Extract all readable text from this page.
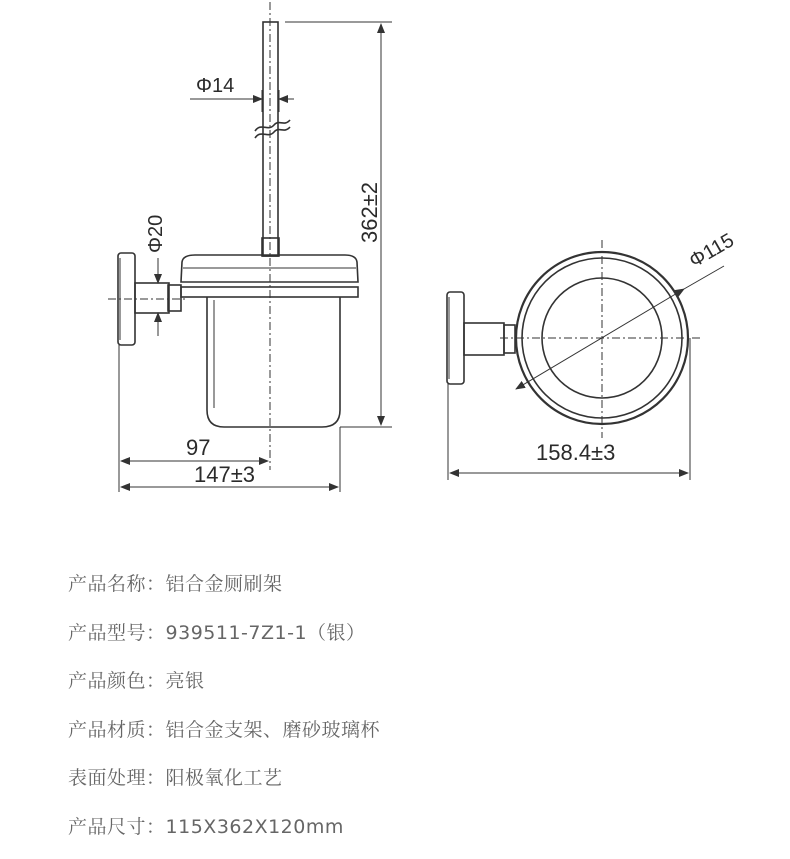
Φ14
Φ20	362±2
97
147±3
Φ115
158.4±3
产品名称：铝合金厕刷架
产品型号：939511-7Z1-1（银）
产品颜色：亮银
产品材质：铝合金支架、磨砂玻璃杯
表面处理：阳极氧化工艺
产品尺寸：115X362X120mm
